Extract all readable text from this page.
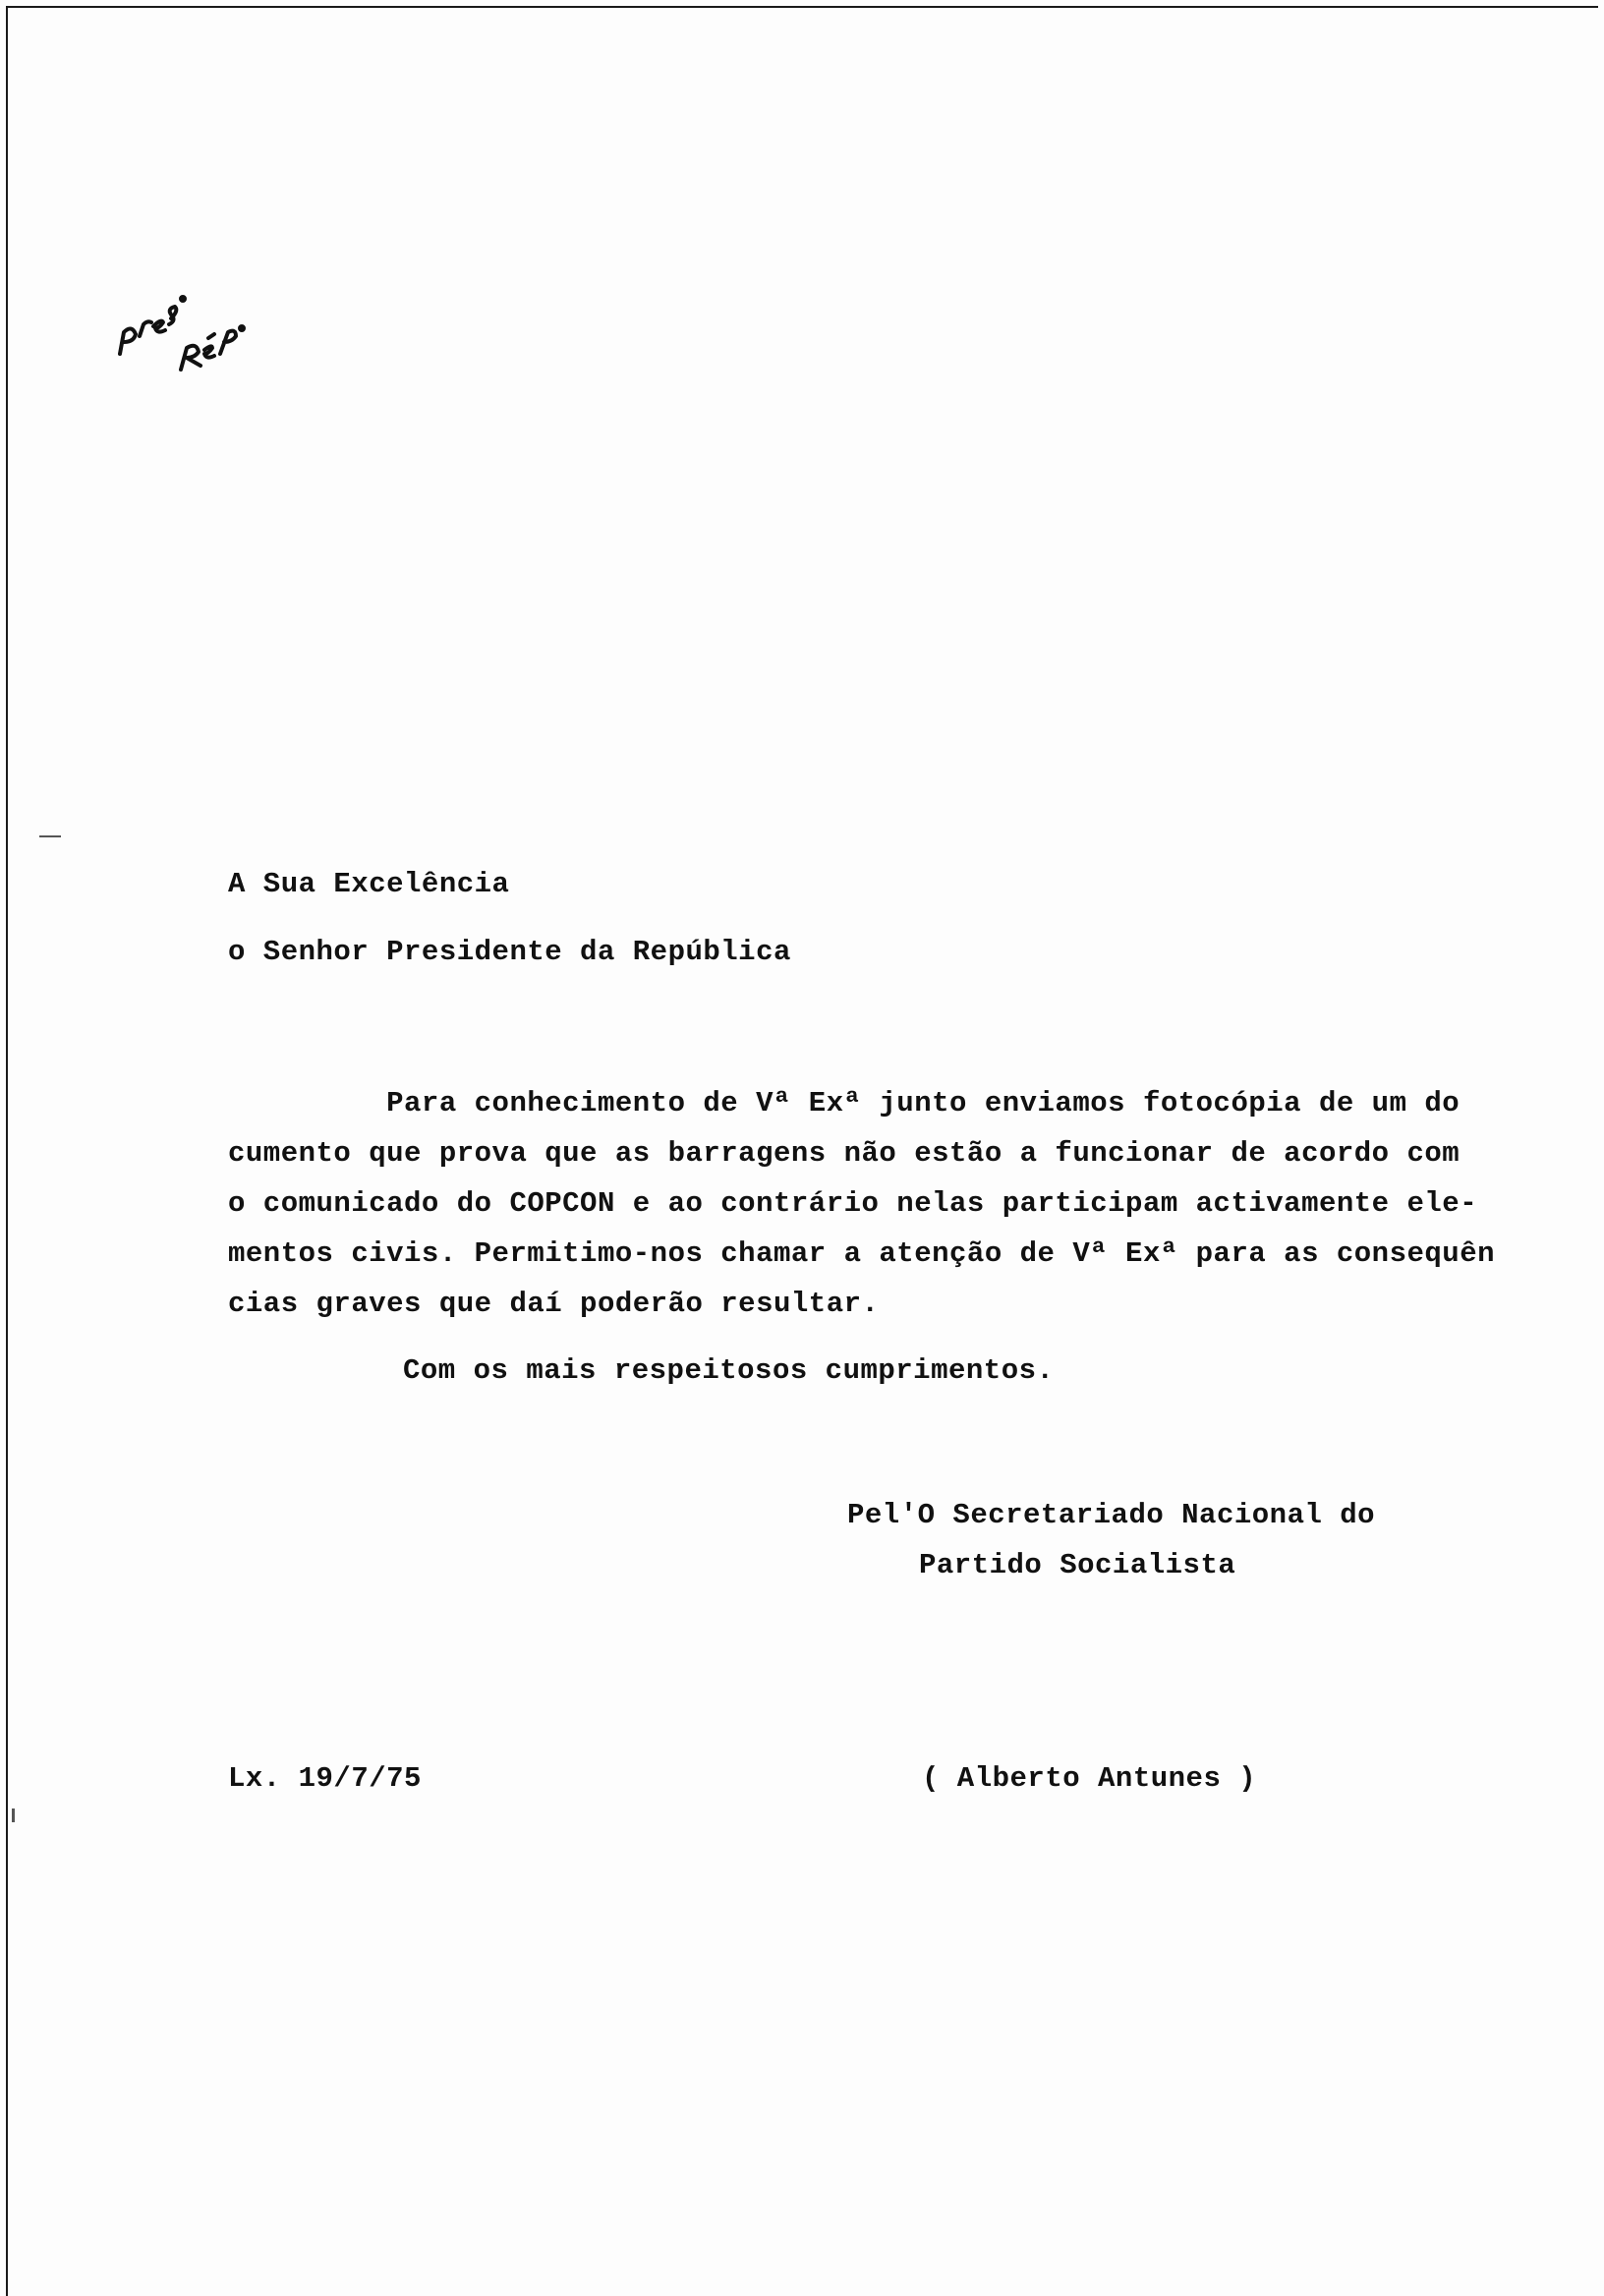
A Sua Excelência
o Senhor Presidente da República
Para conhecimento de Vª Exª junto enviamos fotocópia de um do
cumento que prova que as barragens não estão a funcionar de acordo com
o comunicado do COPCON e ao contrário nelas participam activamente ele-
mentos civis. Permitimo-nos chamar a atenção de Vª Exª para as consequên
cias graves que daí poderão resultar.
Com os mais respeitosos cumprimentos.
Pel'O Secretariado Nacional do
Partido Socialista
Lx. 19/7/75	( Alberto Antunes )
